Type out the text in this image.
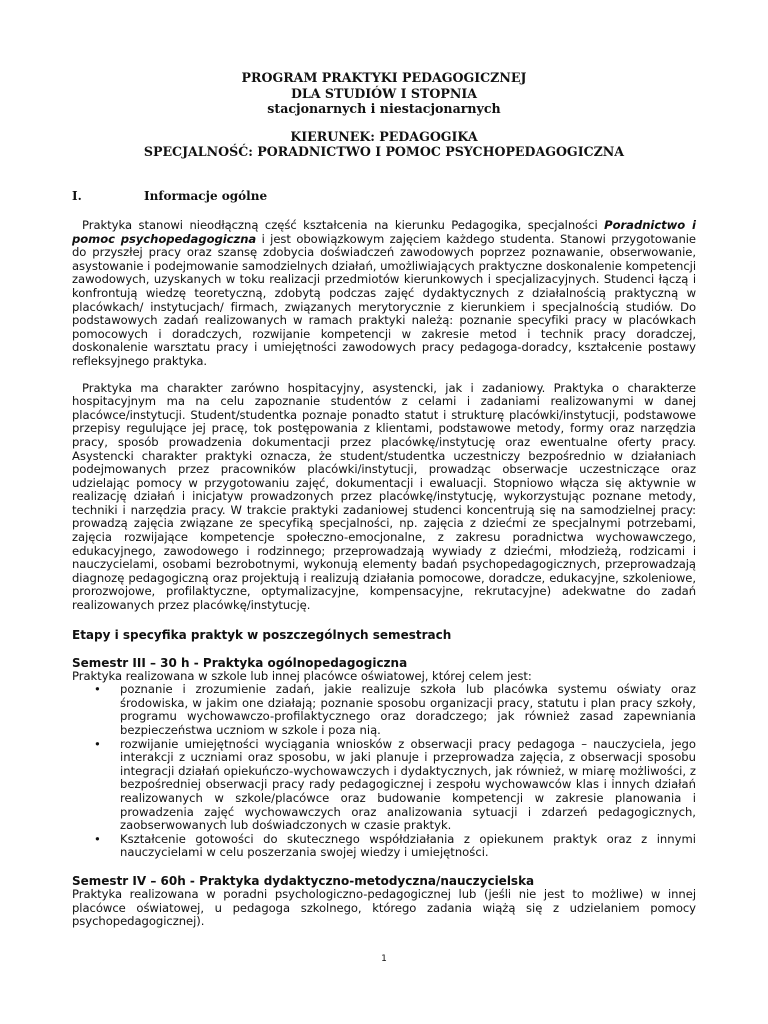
PROGRAM PRAKTYKI PEDAGOGICZNEJ
DLA STUDIÓW I STOPNIA
stacjonarnych i niestacjonarnych
KIERUNEK: PEDAGOGIKA
SPECJALNOŚĆ: PORADNICTWO I POMOC PSYCHOPEDAGOGICZNA
I.	Informacje ogólne

Praktyka stanowi nieodłączną część kształcenia na kierunku Pedagogika, specjalności Poradnictwo i pomoc psychopedagogiczna i jest obowiązkowym zajęciem każdego studenta. Stanowi przygotowanie do przyszłej pracy oraz szansę zdobycia doświadczeń zawodowych poprzez poznawanie, obserwowanie, asystowanie i podejmowanie samodzielnych działań, umożliwiających praktyczne doskonalenie kompetencji zawodowych, uzyskanych w toku realizacji przedmiotów kierunkowych i specjalizacyjnych. Studenci łączą i konfrontują wiedzę teoretyczną, zdobytą podczas zajęć dydaktycznych z działalnością praktyczną w placówkach/ instytucjach/ firmach, związanych merytorycznie z kierunkiem i specjalnością studiów. Do podstawowych zadań realizowanych w ramach praktyki należą: poznanie specyfiki pracy w placówkach pomocowych i doradczych, rozwijanie kompetencji w zakresie metod i technik pracy doradczej, doskonalenie warsztatu pracy i umiejętności zawodowych pracy pedagoga-doradcy, kształcenie postawy refleksyjnego praktyka.

Praktyka ma charakter zarówno hospitacyjny, asystencki, jak i zadaniowy. Praktyka o charakterze hospitacyjnym ma na celu zapoznanie studentów z celami i zadaniami realizowanymi w danej placówce/instytucji. Student/studentka poznaje ponadto statut i strukturę placówki/instytucji, podstawowe przepisy regulujące jej pracę, tok postępowania z klientami, podstawowe metody, formy oraz narzędzia pracy, sposób prowadzenia dokumentacji przez placówkę/instytucję oraz ewentualne oferty pracy. Asystencki charakter praktyki oznacza, że student/studentka uczestniczy bezpośrednio w działaniach podejmowanych przez pracowników placówki/instytucji, prowadząc obserwacje uczestniczące oraz udzielając pomocy w przygotowaniu zajęć, dokumentacji i ewaluacji. Stopniowo włącza się aktywnie w realizację działań i inicjatyw prowadzonych przez placówkę/instytucję, wykorzystując poznane metody, techniki i narzędzia pracy. W trakcie praktyki zadaniowej studenci koncentrują się na samodzielnej pracy: prowadzą zajęcia związane ze specyfiką specjalności, np. zajęcia z dziećmi ze specjalnymi potrzebami, zajęcia rozwijające kompetencje społeczno-emocjonalne, z zakresu poradnictwa wychowawczego, edukacyjnego, zawodowego i rodzinnego; przeprowadzają wywiady z dziećmi, młodzieżą, rodzicami i nauczycielami, osobami bezrobotnymi, wykonują elementy badań psychopedagogicznych, przeprowadzają diagnozę pedagogiczną oraz projektują i realizują działania pomocowe, doradcze, edukacyjne, szkoleniowe, prorozwojowe, profilaktyczne, optymalizacyjne, kompensacyjne, rekrutacyjne) adekwatne do zadań realizowanych przez placówkę/instytucję.

Etapy i specyfika praktyk w poszczególnych semestrach
Semestr III – 30 h - Praktyka ogólnopedagogiczna

Praktyka realizowana w szkole lub innej placówce oświatowej, której celem jest:

• poznanie i zrozumienie zadań, jakie realizuje szkoła lub placówka systemu oświaty oraz środowiska, w jakim one działają; poznanie sposobu organizacji pracy, statutu i plan pracy szkoły, programu wychowawczo-profilaktycznego oraz doradczego; jak również zasad zapewniania bezpieczeństwa uczniom w szkole i poza nią.
• rozwijanie umiejętności wyciągania wniosków z obserwacji pracy pedagoga – nauczyciela, jego interakcji z uczniami oraz sposobu, w jaki planuje i przeprowadza zajęcia, z obserwacji sposobu integracji działań opiekuńczo-wychowawczych i dydaktycznych, jak również, w miarę możliwości, z bezpośredniej obserwacji pracy rady pedagogicznej i zespołu wychowawców klas i innych działań realizowanych w szkole/placówce oraz budowanie kompetencji w zakresie planowania i prowadzenia zajęć wychowawczych oraz analizowania sytuacji i zdarzeń pedagogicznych, zaobserwowanych lub doświadczonych w czasie praktyk.
• Kształcenie gotowości do skutecznego współdziałania z opiekunem praktyk oraz z innymi nauczycielami w celu poszerzania swojej wiedzy i umiejętności.
Semestr IV – 60h - Praktyka dydaktyczno-metodyczna/nauczycielska

Praktyka realizowana w poradni psychologiczno-pedagogicznej lub (jeśli nie jest to możliwe) w innej placówce oświatowej, u pedagoga szkolnego, którego zadania wiążą się z udzielaniem pomocy psychopedagogicznej).

1
